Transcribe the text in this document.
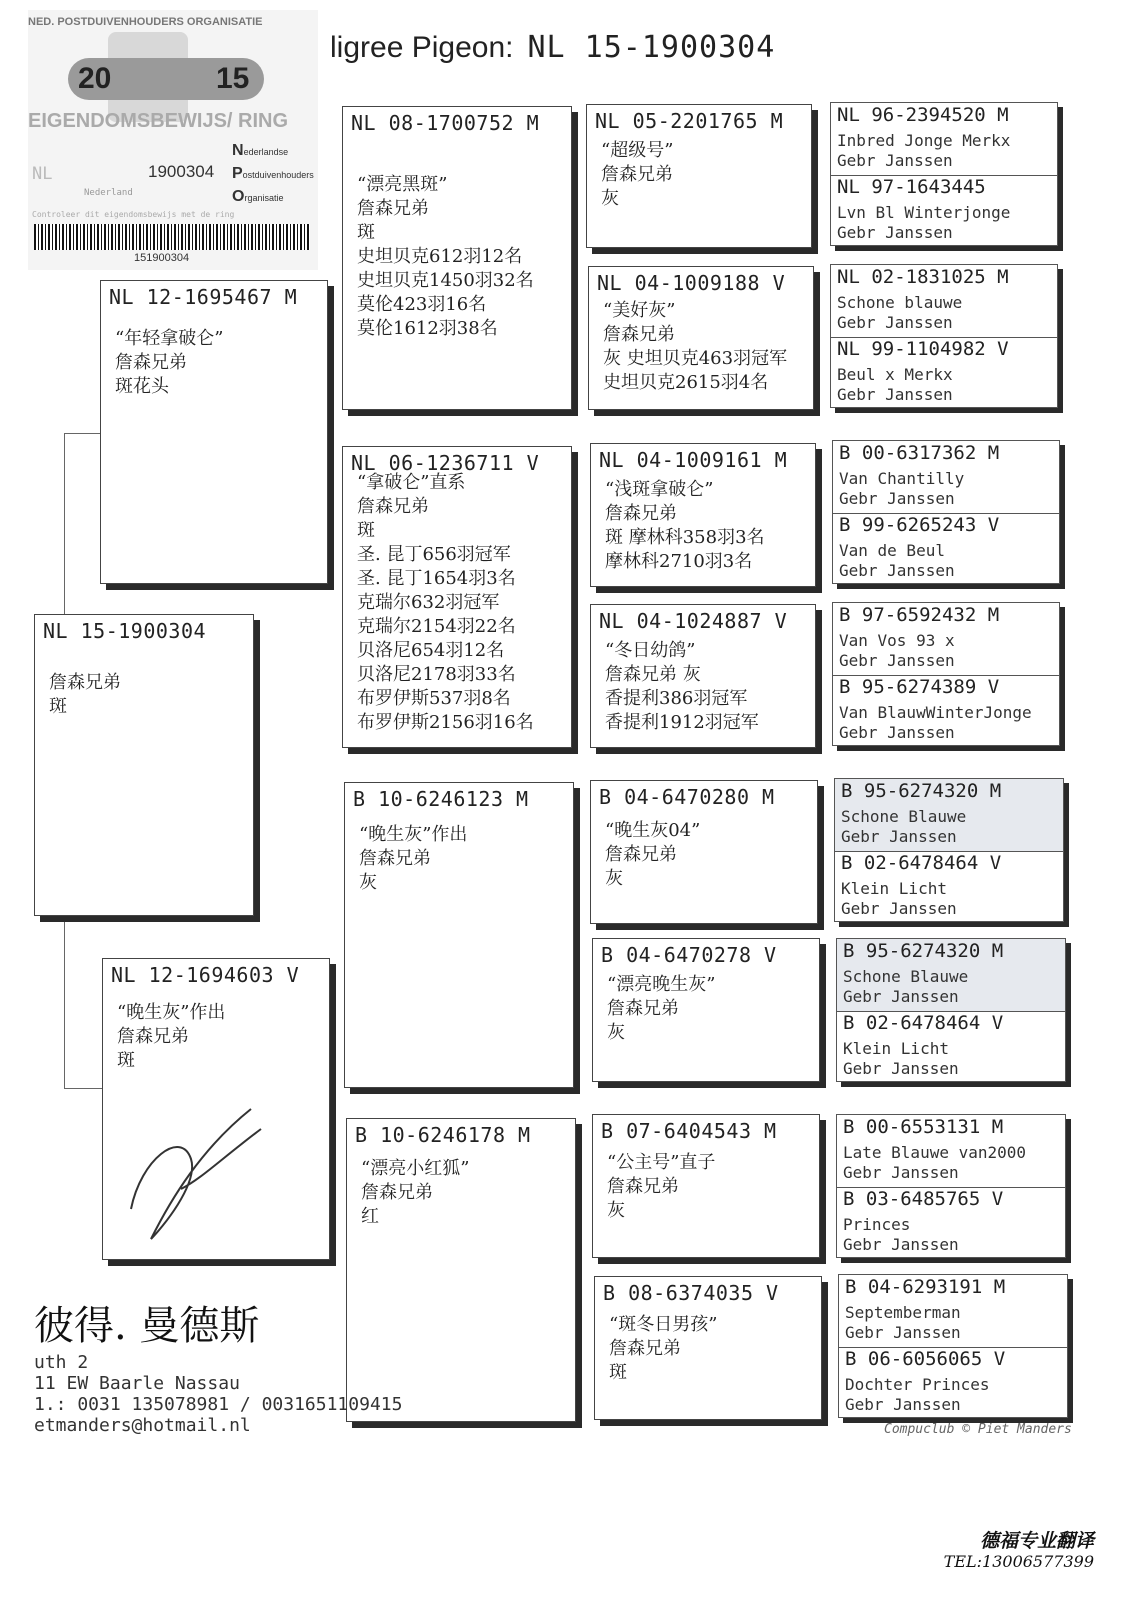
ligree Pigeon: NL 15-1900304
NED. POSTDUIVENHOUDERS ORGANISATIE
20	15
EIGENDOMSBEWIJS/ RING
NL	1900304
Nederland
Nederlandse
Postduivenhouders
Organisatie
Controleer dit eigendomsbewijs met de ring
151900304
NL 15-1900304
詹森兄弟
斑
NL 12-1695467 M
“年轻拿破仑”
詹森兄弟
斑花头
NL 12-1694603 V
“晚生灰”作出
詹森兄弟
斑
NL 08-1700752 M
“漂亮黑斑”
詹森兄弟
斑
史坦贝克612羽12名
史坦贝克1450羽32名
莫伦423羽16名
莫伦1612羽38名
NL 06-1236711 V
“拿破仑”直系
詹森兄弟
斑
圣. 昆丁656羽冠军
圣. 昆丁1654羽3名
克瑞尔632羽冠军
克瑞尔2154羽22名
贝洛尼654羽12名
贝洛尼2178羽33名
布罗伊斯537羽8名
布罗伊斯2156羽16名
B 10-6246123 M
“晚生灰”作出
詹森兄弟
灰
B 10-6246178 M
“漂亮小红狐”
詹森兄弟
红
NL 05-2201765 M
“超级号”
詹森兄弟
灰
NL 04-1009188 V
“美好灰”
詹森兄弟
灰 史坦贝克463羽冠军
史坦贝克2615羽4名
NL 04-1009161 M
“浅斑拿破仑”
詹森兄弟
斑 摩林科358羽3名
摩林科2710羽3名
NL 04-1024887 V
“冬日幼鸽”
詹森兄弟 灰
香提利386羽冠军
香提利1912羽冠军
B 04-6470280 M
“晚生灰04”
詹森兄弟
灰
B 04-6470278 V
“漂亮晚生灰”
詹森兄弟
灰
B 07-6404543 M
“公主号”直子
詹森兄弟
灰
B 08-6374035 V
“斑冬日男孩”
詹森兄弟
斑
NL 96-2394520 M
Inbred Jonge Merkx
Gebr Janssen
NL 97-1643445
Lvn Bl Winterjonge
Gebr Janssen
NL 02-1831025 M
Schone blauwe
Gebr Janssen
NL 99-1104982 V
Beul x Merkx
Gebr Janssen
B 00-6317362 M
Van Chantilly
Gebr Janssen
B 99-6265243 V
Van de Beul
Gebr Janssen
B 97-6592432 M
Van Vos 93 x
Gebr Janssen
B 95-6274389 V
Van BlauwWinterJonge
Gebr Janssen
B 95-6274320 M
Schone Blauwe
Gebr Janssen
B 02-6478464 V
Klein Licht
Gebr Janssen
B 95-6274320 M
Schone Blauwe
Gebr Janssen
B 02-6478464 V
Klein Licht
Gebr Janssen
B 00-6553131 M
Late Blauwe van2000
Gebr Janssen
B 03-6485765 V
Princes
Gebr Janssen
B 04-6293191 M
Septemberman
Gebr Janssen
B 06-6056065 V
Dochter Princes
Gebr Janssen
彼得. 曼德斯
uth 2
11 EW Baarle Nassau
1.: 0031 135078981 / 0031651109415
etmanders@hotmail.nl	Compuclub © Piet Manders
德福专业翻译
TEL:13006577399
